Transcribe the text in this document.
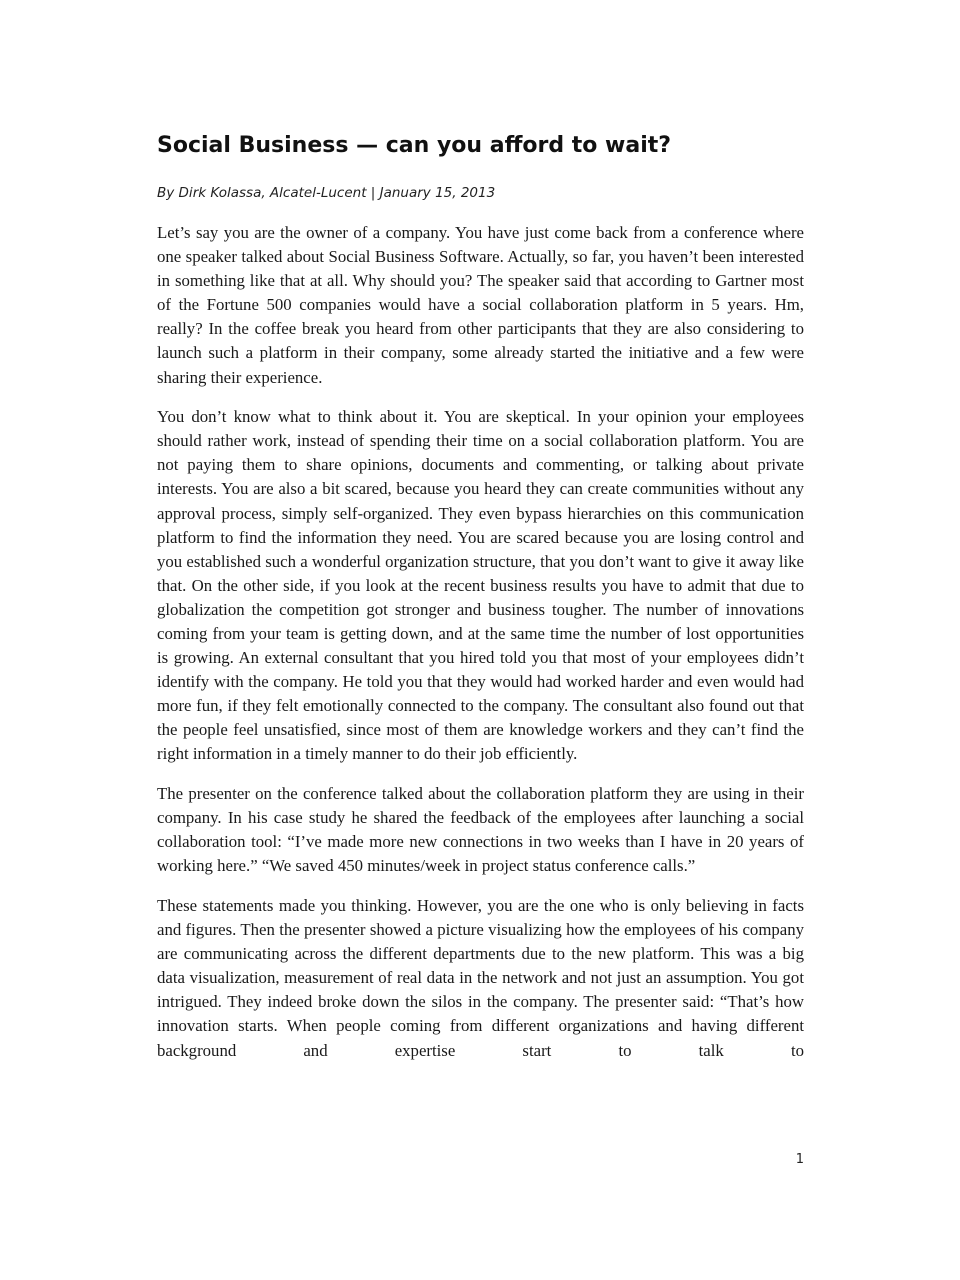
Social Business — can you afford to wait?
By Dirk Kolassa, Alcatel-Lucent | January 15, 2013

Let’s say you are the owner of a company. You have just come back from a conference where one speaker talked about Social Business Software. Actually, so far, you haven’t been interested in something like that at all. Why should you? The speaker said that according to Gartner most of the Fortune 500 companies would have a social collaboration platform in 5 years. Hm, really? In the coffee break you heard from other participants that they are also considering to launch such a platform in their company, some already started the initiative and a few were sharing their experience.

You don’t know what to think about it. You are skeptical. In your opinion your employees should rather work, instead of spending their time on a social collaboration platform. You are not paying them to share opinions, documents and commenting, or talking about private interests. You are also a bit scared, because you heard they can create communities without any approval process, simply self-organized. They even bypass hierarchies on this communication platform to find the information they need. You are scared because you are losing control and you established such a wonderful organization structure, that you don’t want to give it away like that. On the other side, if you look at the recent business results you have to admit that due to globalization the competition got stronger and business tougher. The number of innovations coming from your team is getting down, and at the same time the number of lost opportunities is growing. An external consultant that you hired told you that most of your employees didn’t identify with the company. He told you that they would had worked harder and even would had more fun, if they felt emotionally connected to the company. The consultant also found out that the people feel unsatisfied, since most of them are knowledge workers and they can’t find the right information in a timely manner to do their job efficiently.

The presenter on the conference talked about the collaboration platform they are using in their company. In his case study he shared the feedback of the employees after launching a social collaboration tool: “I’ve made more new connections in two weeks than I have in 20 years of working here.” “We saved 450 minutes/week in project status conference calls.”

These statements made you thinking. However, you are the one who is only believing in facts and figures. Then the presenter showed a picture visualizing how the employees of his company are communicating across the different departments due to the new platform. This was a big data visualization, measurement of real data in the network and not just an assumption. You got intrigued. They indeed broke down the silos in the company. The presenter said: “That’s how innovation starts. When people coming from different organizations and having different background and expertise start to talk to

1
